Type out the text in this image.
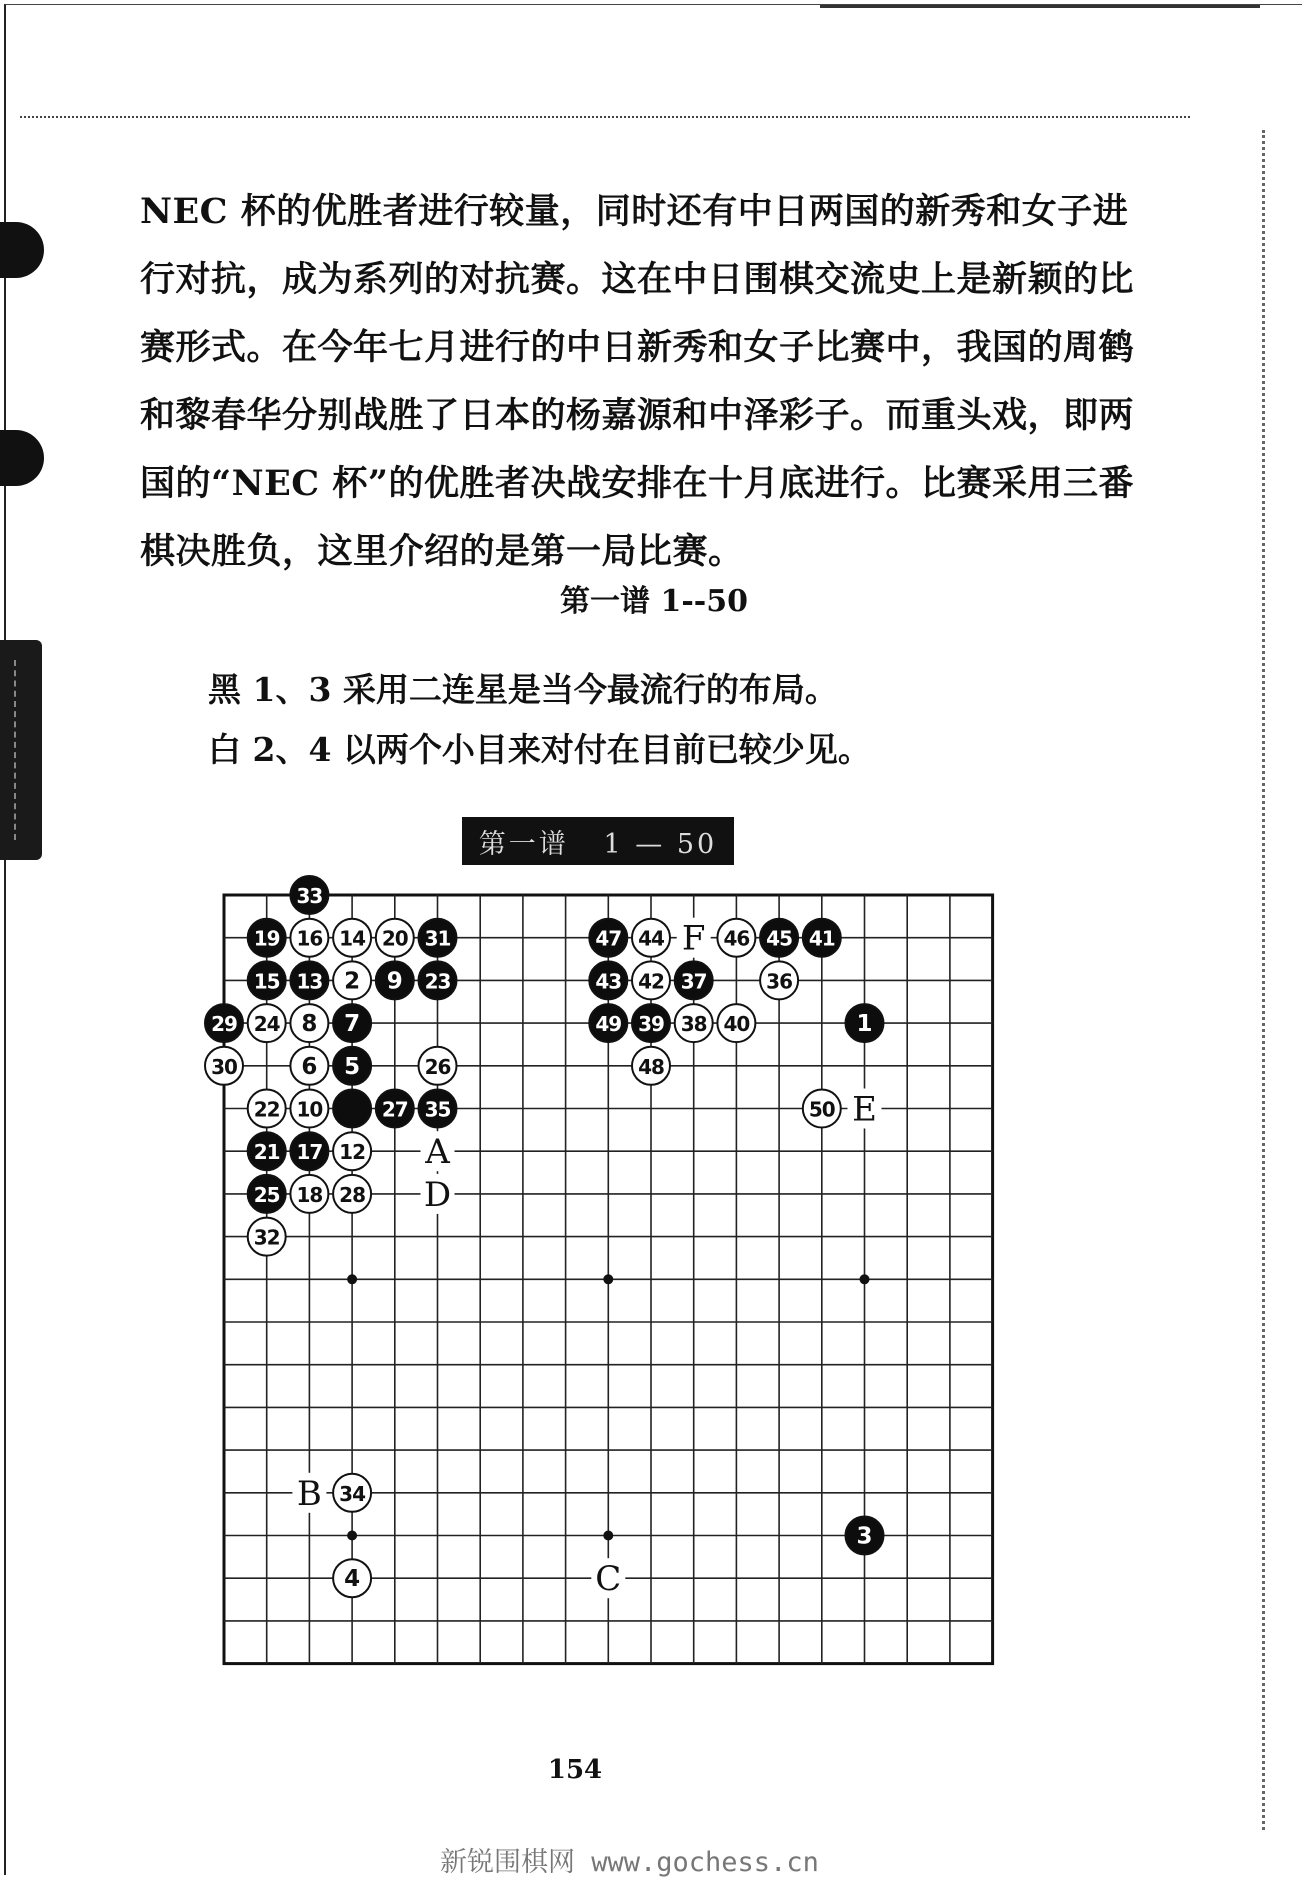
NEC 杯的优胜者进行较量，同时还有中日两国的新秀和女子进

行对抗，成为系列的对抗赛。这在中日围棋交流史上是新颖的比

赛形式。在今年七月进行的中日新秀和女子比赛中，我国的周鹤

和黎春华分别战胜了日本的杨嘉源和中泽彩子。而重头戏，即两

国的“NEC 杯”的优胜者决战安排在十月底进行。比赛采用三番

棋决胜负，这里介绍的是第一局比赛。

第一谱 1--50

黑 1、3 采用二连星是当今最流行的布局。

白 2、4 以两个小目来对付在目前已较少见。

第一谱   1 — 50
1
2
3
4
5
6
7
8
9
10
12
13
14
15
16
17
18
19	20
21
22
23
24
25
26
27
28
29
30
31
32
33
34
35
36
37
38
39	40
41
42
43
44	45
46
47
48
49
50
A
D
B
C
E
F
154
新锐围棋网 www.gochess.cn
